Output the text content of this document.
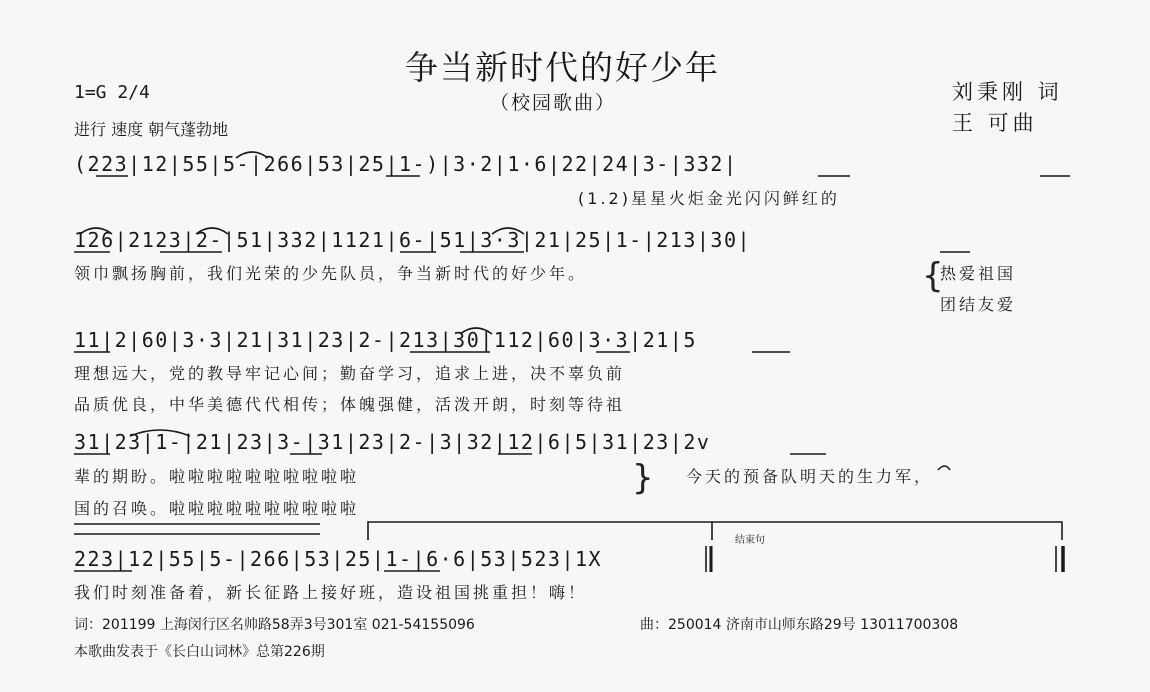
争当新时代的好少年
（校园歌曲）	刘秉刚 词
王 可曲
1=G 2/4
进行 速度 朝气蓬勃地
(223|12|55|5-|266|53|25|1-)|3·2|1·6|22|24|3-|332|
(1.2)星星火炬金光闪闪鲜红的
126|2123|2-|51|332|1121|6-|51|3·3|21|25|1-|213|30|
领巾飘扬胸前，我们光荣的少先队员，争当新时代的好少年。	{
热爱祖国
团结友爱
11|2|60|3·3|21|31|23|2-|213|30|112|60|3·3|21|5
理想远大，党的教导牢记心间；勤奋学习，追求上进，决不辜负前
品质优良，中华美德代代相传；体魄强健，活泼开朗，时刻等待祖
31|23|1-|21|23|3-|31|23|2-|3|32|12|6|5|31|23|2v
辈的期盼。啦啦啦啦啦啦啦啦啦啦
国的召唤。啦啦啦啦啦啦啦啦啦啦
} 今天的预备队明天的生力军，
结束句
223|12|55|5-|266|53|25|1-|6·6|53|523|1X
我们时刻准备着，新长征路上接好班，造设祖国挑重担！嗨！
词：201199 上海闵行区名帅路58弄3号301室 021-54155096	曲：250014 济南市山师东路29号 13011700308
本歌曲发表于《长白山词林》总第226期
